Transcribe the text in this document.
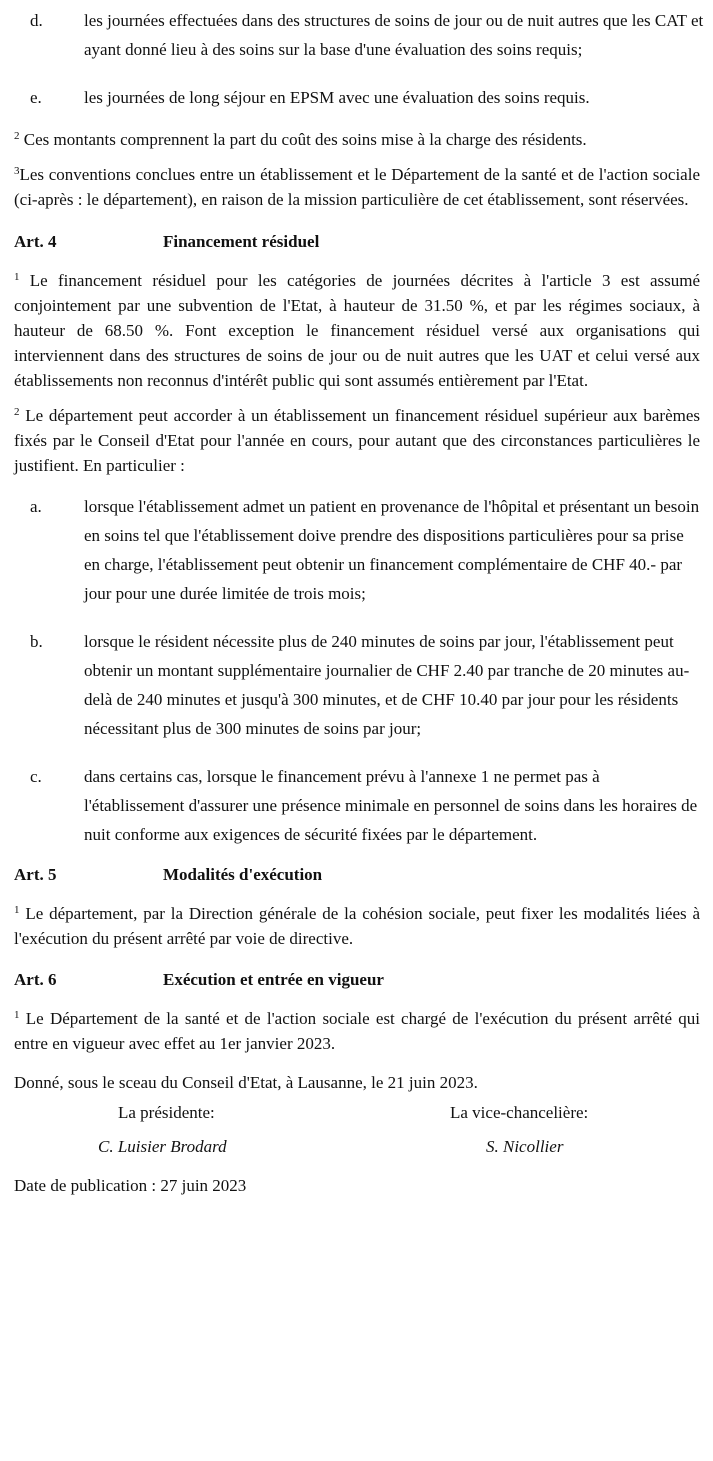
d. les journées effectuées dans des structures de soins de jour ou de nuit autres que les CAT et ayant donné lieu à des soins sur la base d'une évaluation des soins requis;
e. les journées de long séjour en EPSM avec une évaluation des soins requis.

$^2$ Ces montants comprennent la part du coût des soins mise à la charge des résidents.

$^3$Les conventions conclues entre un établissement et le Département de la santé et de l'action sociale (ci-après : le département), en raison de la mission particulière de cet établissement, sont réservées.

Art. 4	Financement résiduel

$^1$ Le financement résiduel pour les catégories de journées décrites à l'article 3 est assumé conjointement par une subvention de l'Etat, à hauteur de 31.50 %, et par les régimes sociaux, à hauteur de 68.50 %. Font exception le financement résiduel versé aux organisations qui interviennent dans des structures de soins de jour ou de nuit autres que les UAT et celui versé aux établissements non reconnus d'intérêt public qui sont assumés entièrement par l'Etat.

$^2$ Le département peut accorder à un établissement un financement résiduel supérieur aux barèmes fixés par le Conseil d'Etat pour l'année en cours, pour autant que des circonstances particulières le justifient. En particulier :

a. lorsque l'établissement admet un patient en provenance de l'hôpital et présentant un besoin en soins tel que l'établissement doive prendre des dispositions particulières pour sa prise en charge, l'établissement peut obtenir un financement complémentaire de CHF 40.- par jour pour une durée limitée de trois mois;
b. lorsque le résident nécessite plus de 240 minutes de soins par jour, l'établissement peut obtenir un montant supplémentaire journalier de CHF 2.40 par tranche de 20 minutes au-delà de 240 minutes et jusqu'à 300 minutes, et de CHF 10.40 par jour pour les résidents nécessitant plus de 300 minutes de soins par jour;
c. dans certains cas, lorsque le financement prévu à l'annexe 1 ne permet pas à l'établissement d'assurer une présence minimale en personnel de soins dans les horaires de nuit conforme aux exigences de sécurité fixées par le département.
Art. 5	Modalités d'exécution

$^1$ Le département, par la Direction générale de la cohésion sociale, peut fixer les modalités liées à l'exécution du présent arrêté par voie de directive.

Art. 6	Exécution et entrée en vigueur

$^1$ Le Département de la santé et de l'action sociale est chargé de l'exécution du présent arrêté qui entre en vigueur avec effet au 1er janvier 2023.

Donné, sous le sceau du Conseil d'Etat, à Lausanne, le 21 juin 2023.

La présidente:	La vice-chancelière:
C. Luisier Brodard	S. Nicollier

Date de publication : 27 juin 2023
